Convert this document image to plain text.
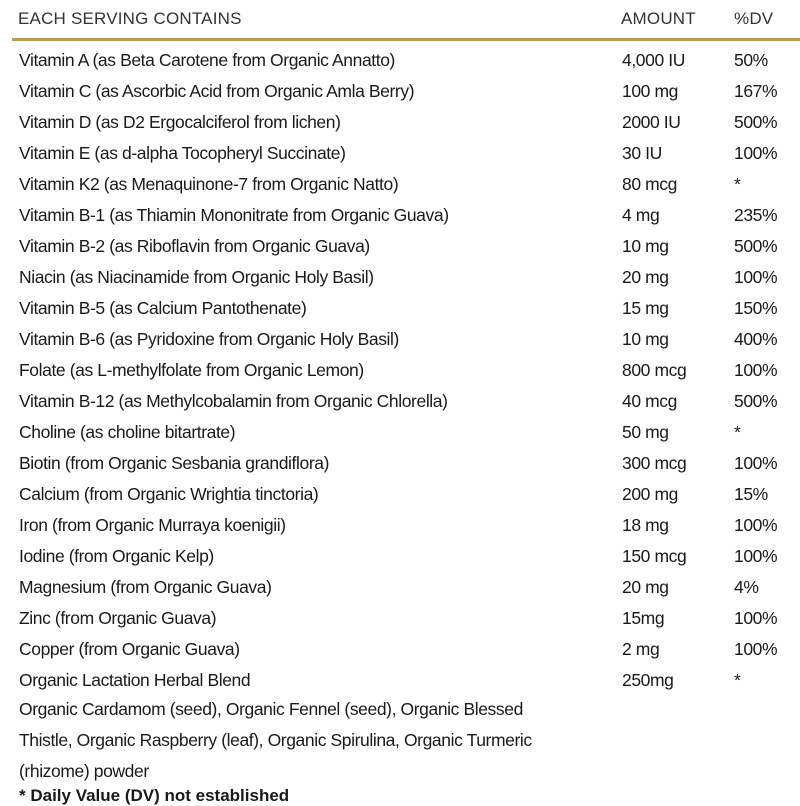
EACH SERVING CONTAINS	AMOUNT %DV
Vitamin A (as Beta Carotene from Organic Annatto)	4,000 IU	50%
Vitamin C (as Ascorbic Acid from Organic Amla Berry)	100 mg	167%
Vitamin D (as D2 Ergocalciferol from lichen)	2000 IU	500%
Vitamin E (as d-alpha Tocopheryl Succinate)	30 IU	100%
Vitamin K2 (as Menaquinone-7 from Organic Natto)	80 mcg	*
Vitamin B-1 (as Thiamin Mononitrate from Organic Guava)	4 mg	235%
Vitamin B-2 (as Riboflavin from Organic Guava)	10 mg	500%
Niacin (as Niacinamide from Organic Holy Basil)	20 mg	100%
Vitamin B-5 (as Calcium Pantothenate)	15 mg	150%
Vitamin B-6 (as Pyridoxine from Organic Holy Basil)	10 mg	400%
Folate (as L-methylfolate from Organic Lemon)	800 mcg	100%
Vitamin B-12 (as Methylcobalamin from Organic Chlorella)	40 mcg	500%
Choline (as choline bitartrate)	50 mg	*
Biotin (from Organic Sesbania grandiflora)	300 mcg	100%
Calcium (from Organic Wrightia tinctoria)	200 mg	15%
Iron (from Organic Murraya koenigii)	18 mg	100%
Iodine (from Organic Kelp)	150 mcg	100%
Magnesium (from Organic Guava)	20 mg	4%
Zinc (from Organic Guava)	15mg	100%
Copper (from Organic Guava)	2 mg	100%
Organic Lactation Herbal Blend	250mg	*
Organic Cardamom (seed), Organic Fennel (seed), Organic Blessed Thistle, Organic Raspberry (leaf), Organic Spirulina, Organic Turmeric (rhizome) powder
* Daily Value (DV) not established
